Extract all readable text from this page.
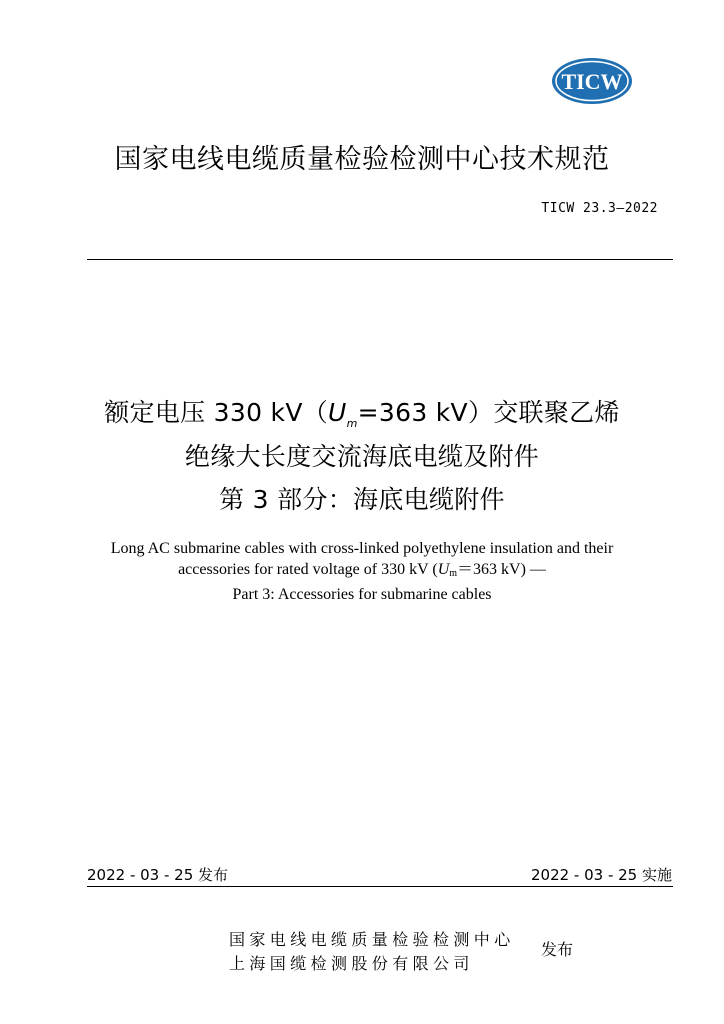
TICW
国家电线电缆质量检验检测中心技术规范
TICW 23.3—2022
额定电压 330 $kV(U_m=363$ kV）交联聚乙烯
绝缘大长度交流海底电缆及附件
第 3 部分：海底电缆附件
Long AC submarine cables with cross-linked polyethylene insulation and their
accessories for rated voltage of 330 kV (Um＝363 kV) —
Part 3: Accessories for submarine cables
2022 - 03 - 25 发布	2022 - 03 - 25 实施
国家电线电缆质量检验检测中心
上海国缆检测股份有限公司
发布
